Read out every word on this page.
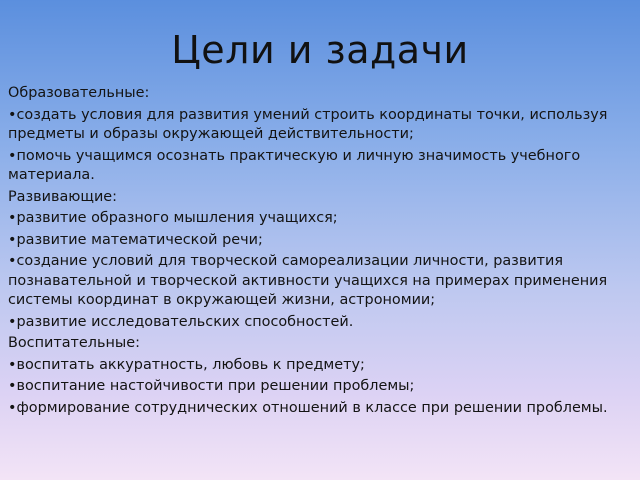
Цели и задачи
Образовательные:
•создать условия для развития умений строить координаты точки, используя предметы и образы окружающей действительности;
•помочь учащимся осознать практическую и личную значимость учебного материала.
Развивающие:
•развитие образного мышления учащихся;
•развитие математической речи;
•создание условий для творческой самореализации личности, развития познавательной и творческой активности учащихся на примерах применения системы координат в окружающей жизни, астрономии;
•развитие исследовательских способностей.
Воспитательные:
•воспитать аккуратность, любовь к предмету;
•воспитание настойчивости при решении проблемы;
•формирование сотруднических отношений в классе при решении проблемы.
